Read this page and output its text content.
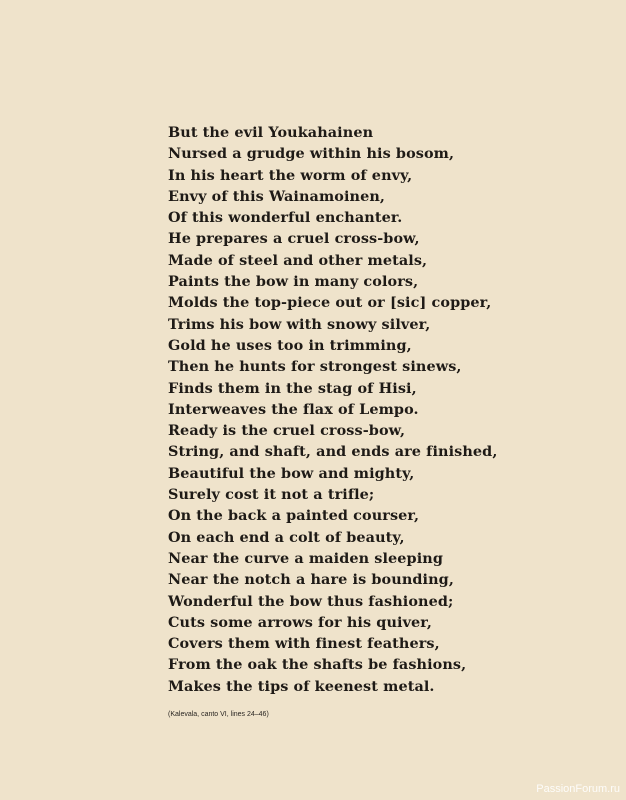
But the evil Youkahainen
Nursed a grudge within his bosom,
In his heart the worm of envy,
Envy of this Wainamoinen,
Of this wonderful enchanter.
He prepares a cruel cross-bow,
Made of steel and other metals,
Paints the bow in many colors,
Molds the top-piece out or [sic] copper,
Trims his bow with snowy silver,
Gold he uses too in trimming,
Then he hunts for strongest sinews,
Finds them in the stag of Hisi,
Interweaves the flax of Lempo.
Ready is the cruel cross-bow,
String, and shaft, and ends are finished,
Beautiful the bow and mighty,
Surely cost it not a trifle;
On the back a painted courser,
On each end a colt of beauty,
Near the curve a maiden sleeping
Near the notch a hare is bounding,
Wonderful the bow thus fashioned;
Cuts some arrows for his quiver,
Covers them with finest feathers,
From the oak the shafts be fashions,
Makes the tips of keenest metal.
(Kalevala, canto VI, lines 24–46)
PassionForum.ru
